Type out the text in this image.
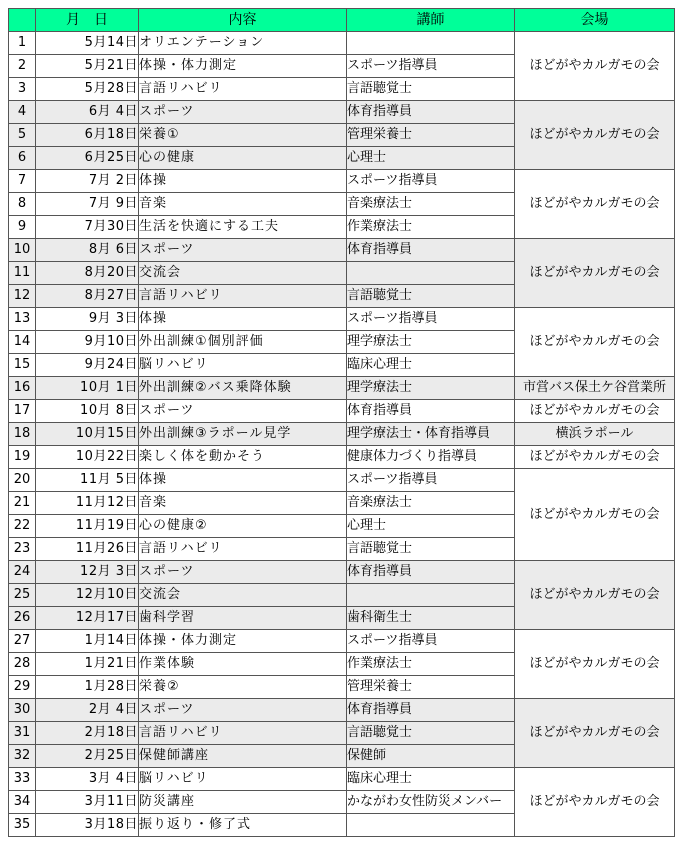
	月　日	内容	講師	会場
1	5月14日	オリエンテーション		ほどがやカルガモの会
2	5月21日	体操・体力測定	スポーツ指導員	
3	5月28日	言語リハビリ	言語聴覚士	
4	6月 4日	スポーツ	体育指導員	ほどがやカルガモの会
5	6月18日	栄養①	管理栄養士	
6	6月25日	心の健康	心理士	
7	7月 2日	体操	スポーツ指導員	ほどがやカルガモの会
8	7月 9日	音楽	音楽療法士	
9	7月30日	生活を快適にする工夫	作業療法士	
10	8月 6日	スポーツ	体育指導員	ほどがやカルガモの会
11	8月20日	交流会		
12	8月27日	言語リハビリ	言語聴覚士	
13	9月 3日	体操	スポーツ指導員	ほどがやカルガモの会
14	9月10日	外出訓練①個別評価	理学療法士	
15	9月24日	脳リハビリ	臨床心理士	
16	10月 1日	外出訓練②バス乗降体験	理学療法士	市営バス保土ケ谷営業所
17	10月 8日	スポーツ	体育指導員	ほどがやカルガモの会
18	10月15日	外出訓練③ラポール見学	理学療法士・体育指導員	横浜ラポール
19	10月22日	楽しく体を動かそう	健康体力づくり指導員	ほどがやカルガモの会
20	11月 5日	体操	スポーツ指導員	ほどがやカルガモの会
21	11月12日	音楽	音楽療法士	
22	11月19日	心の健康②	心理士	
23	11月26日	言語リハビリ	言語聴覚士	
24	12月 3日	スポーツ	体育指導員	ほどがやカルガモの会
25	12月10日	交流会		
26	12月17日	歯科学習	歯科衛生士	
27	1月14日	体操・体力測定	スポーツ指導員	ほどがやカルガモの会
28	1月21日	作業体験	作業療法士	
29	1月28日	栄養②	管理栄養士	
30	2月 4日	スポーツ	体育指導員	ほどがやカルガモの会
31	2月18日	言語リハビリ	言語聴覚士	
32	2月25日	保健師講座	保健師	
33	3月 4日	脳リハビリ	臨床心理士	ほどがやカルガモの会
34	3月11日	防災講座	かながわ女性防災メンバー	
35	3月18日	振り返り・修了式		
